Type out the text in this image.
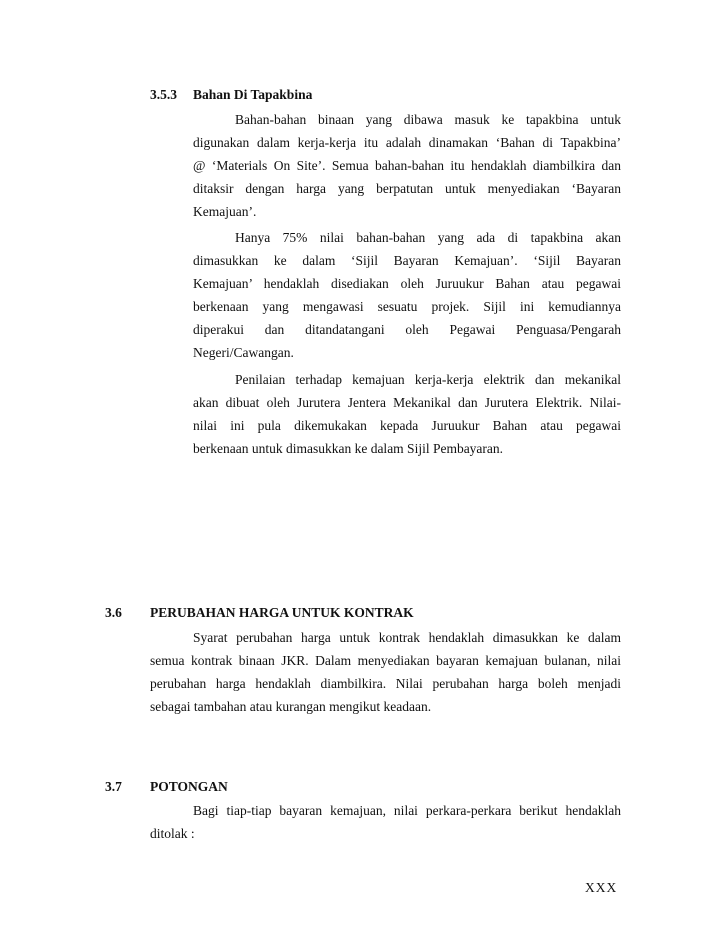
3.5.3 Bahan Di Tapakbina
Bahan-bahan binaan yang dibawa masuk ke tapakbina untuk
digunakan dalam kerja-kerja itu adalah dinamakan ‘Bahan di Tapakbina’
@ ‘Materials On Site’. Semua bahan-bahan itu hendaklah diambilkira dan
ditaksir dengan harga yang berpatutan untuk menyediakan ‘Bayaran
Kemajuan’.
Hanya 75% nilai bahan-bahan yang ada di tapakbina akan
dimasukkan ke dalam ‘Sijil Bayaran Kemajuan’. ‘Sijil Bayaran
Kemajuan’ hendaklah disediakan oleh Juruukur Bahan atau pegawai
berkenaan yang mengawasi sesuatu projek. Sijil ini kemudiannya
diperakui dan ditandatangani oleh Pegawai Penguasa/Pengarah
Negeri/Cawangan.
Penilaian terhadap kemajuan kerja-kerja elektrik dan mekanikal
akan dibuat oleh Jurutera Jentera Mekanikal dan Jurutera Elektrik. Nilai-
nilai ini pula dikemukakan kepada Juruukur Bahan atau pegawai
berkenaan untuk dimasukkan ke dalam Sijil Pembayaran.
3.6 PERUBAHAN HARGA UNTUK KONTRAK
Syarat perubahan harga untuk kontrak hendaklah dimasukkan ke dalam
semua kontrak binaan JKR. Dalam menyediakan bayaran kemajuan bulanan, nilai
perubahan harga hendaklah diambilkira. Nilai perubahan harga boleh menjadi
sebagai tambahan atau kurangan mengikut keadaan.
3.7 POTONGAN
Bagi tiap-tiap bayaran kemajuan, nilai perkara-perkara berikut hendaklah
ditolak :
XXX
